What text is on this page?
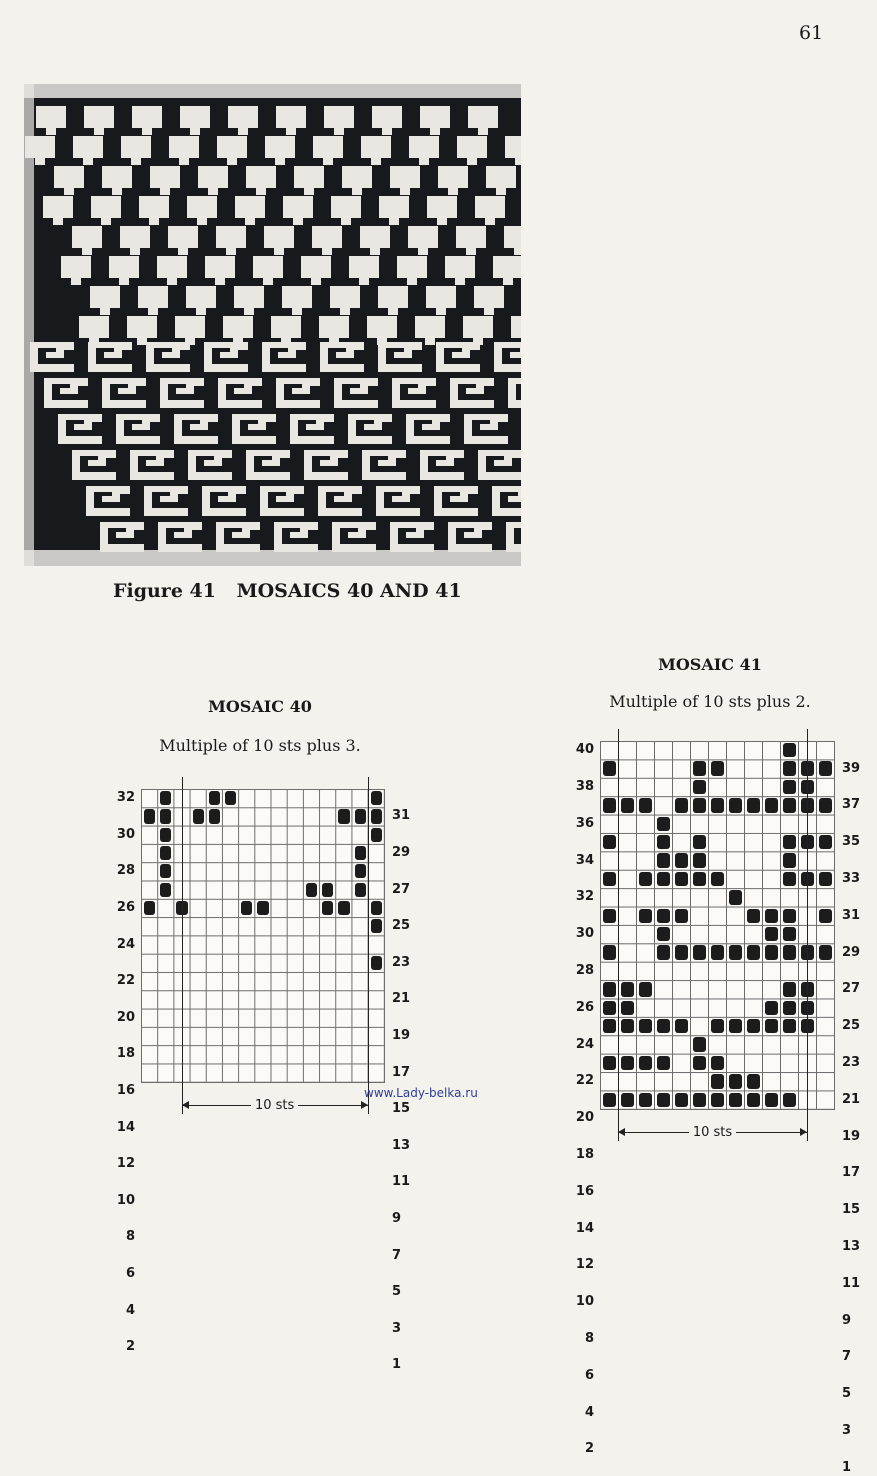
61
Figure 41 MOSAICS 40 AND 41
MOSAIC 40
Multiple of 10 sts plus 3.
32
30
28
26
24
22
20
18
16
14
12
10
8
6
4
2
31
29
27
25
23
21
19
17
15
13
11
9
7
5
3
1
10 sts
MOSAIC 41
Multiple of 10 sts plus 2.
40
38
36
34
32
30
28
26
24
22
20
18
16
14
12
10
8
6
4
2
39
37
35
33
31
29
27
25
23
21
19
17
15
13
11
9
7
5
3
1
10 sts
www.Lady-belka.ru
